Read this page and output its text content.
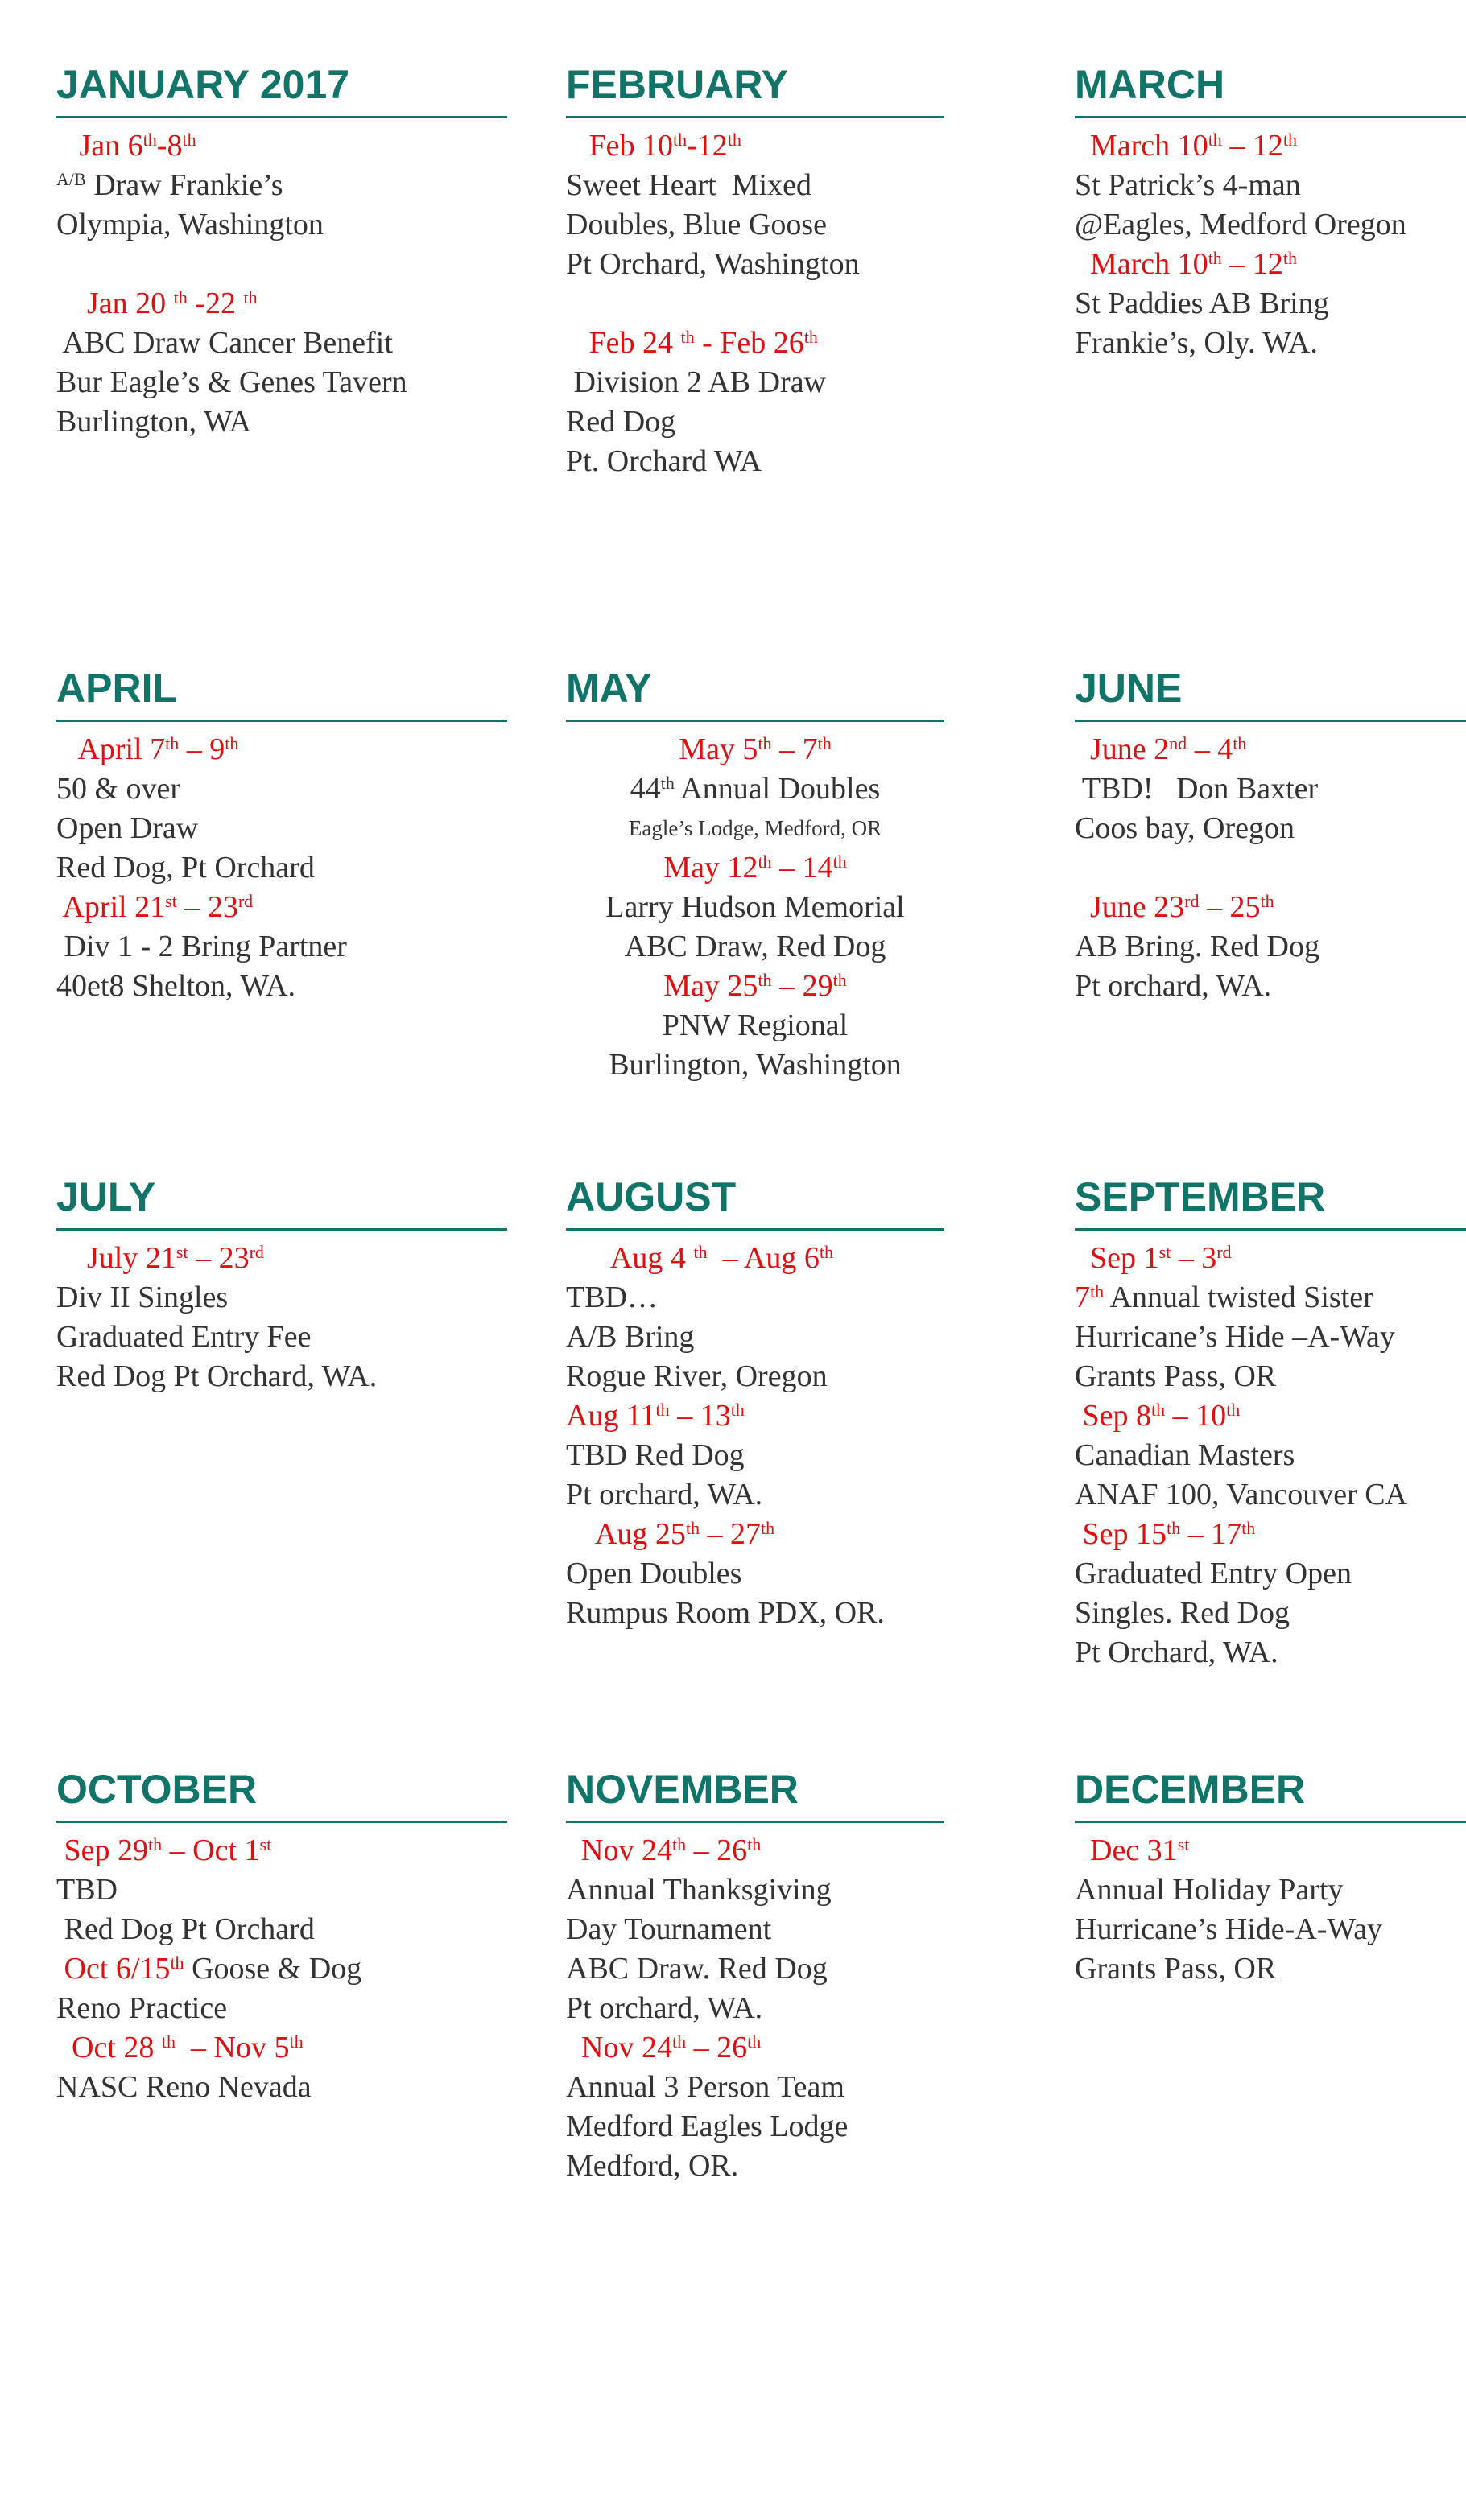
JANUARY 2017
Jan 6th-8th
$^{A/B}$ Draw Frankie’s
Olympia, Washington

Jan 20 $^{th}$ -22 $^{th}$
ABC Draw Cancer Benefit
Bur Eagle’s & Genes Tavern
Burlington, WA
FEBRUARY
Feb 10th-12th
Sweet Heart  Mixed
Doubles, Blue Goose
Pt Orchard, Washington

Feb 24 $^{th}$ - Feb 26th
Division 2 AB Draw
Red Dog
Pt. Orchard WA
MARCH
March 10th – 12th
St Patrick’s 4-man
@Eagles, Medford Oregon
March 10th – 12th
St Paddies AB Bring
Frankie’s, Oly. WA.
APRIL
April 7th – 9th
50 & over
Open Draw
Red Dog, Pt Orchard
April 21st – 23rd
Div 1 - 2 Bring Partner
40et8 Shelton, WA.
MAY
May 5th – 7th
44th Annual Doubles
Eagle’s Lodge, Medford, OR
May 12th – 14th
Larry Hudson Memorial
ABC Draw, Red Dog
May 25th – 29th
PNW Regional
Burlington, Washington
JUNE
June 2nd – 4th
TBD!   Don Baxter
Coos bay, Oregon

June 23rd – 25th
AB Bring. Red Dog
Pt orchard, WA.
JULY
July 21st – 23rd
Div II Singles
Graduated Entry Fee
Red Dog Pt Orchard, WA.
AUGUST
Aug 4 $^{th}$  – Aug 6th
TBD…
A/B Bring
Rogue River, Oregon
Aug 11th – 13th
TBD Red Dog
Pt orchard, WA.
Aug 25th – 27th
Open Doubles
Rumpus Room PDX, OR.
SEPTEMBER
Sep 1st – 3rd
7th Annual twisted Sister
Hurricane’s Hide –A-Way
Grants Pass, OR
Sep 8th – 10th
Canadian Masters
ANAF 100, Vancouver CA
Sep 15th – 17th
Graduated Entry Open
Singles. Red Dog
Pt Orchard, WA.
OCTOBER
Sep 29th – Oct 1st
TBD
Red Dog Pt Orchard
Oct 6/15th Goose & Dog
Reno Practice
Oct 28 $^{th}$  – Nov 5th
NASC Reno Nevada
NOVEMBER
Nov 24th – 26th
Annual Thanksgiving
Day Tournament
ABC Draw. Red Dog
Pt orchard, WA.
Nov 24th – 26th
Annual 3 Person Team
Medford Eagles Lodge
Medford, OR.
DECEMBER
Dec 31st
Annual Holiday Party
Hurricane’s Hide-A-Way
Grants Pass, OR
